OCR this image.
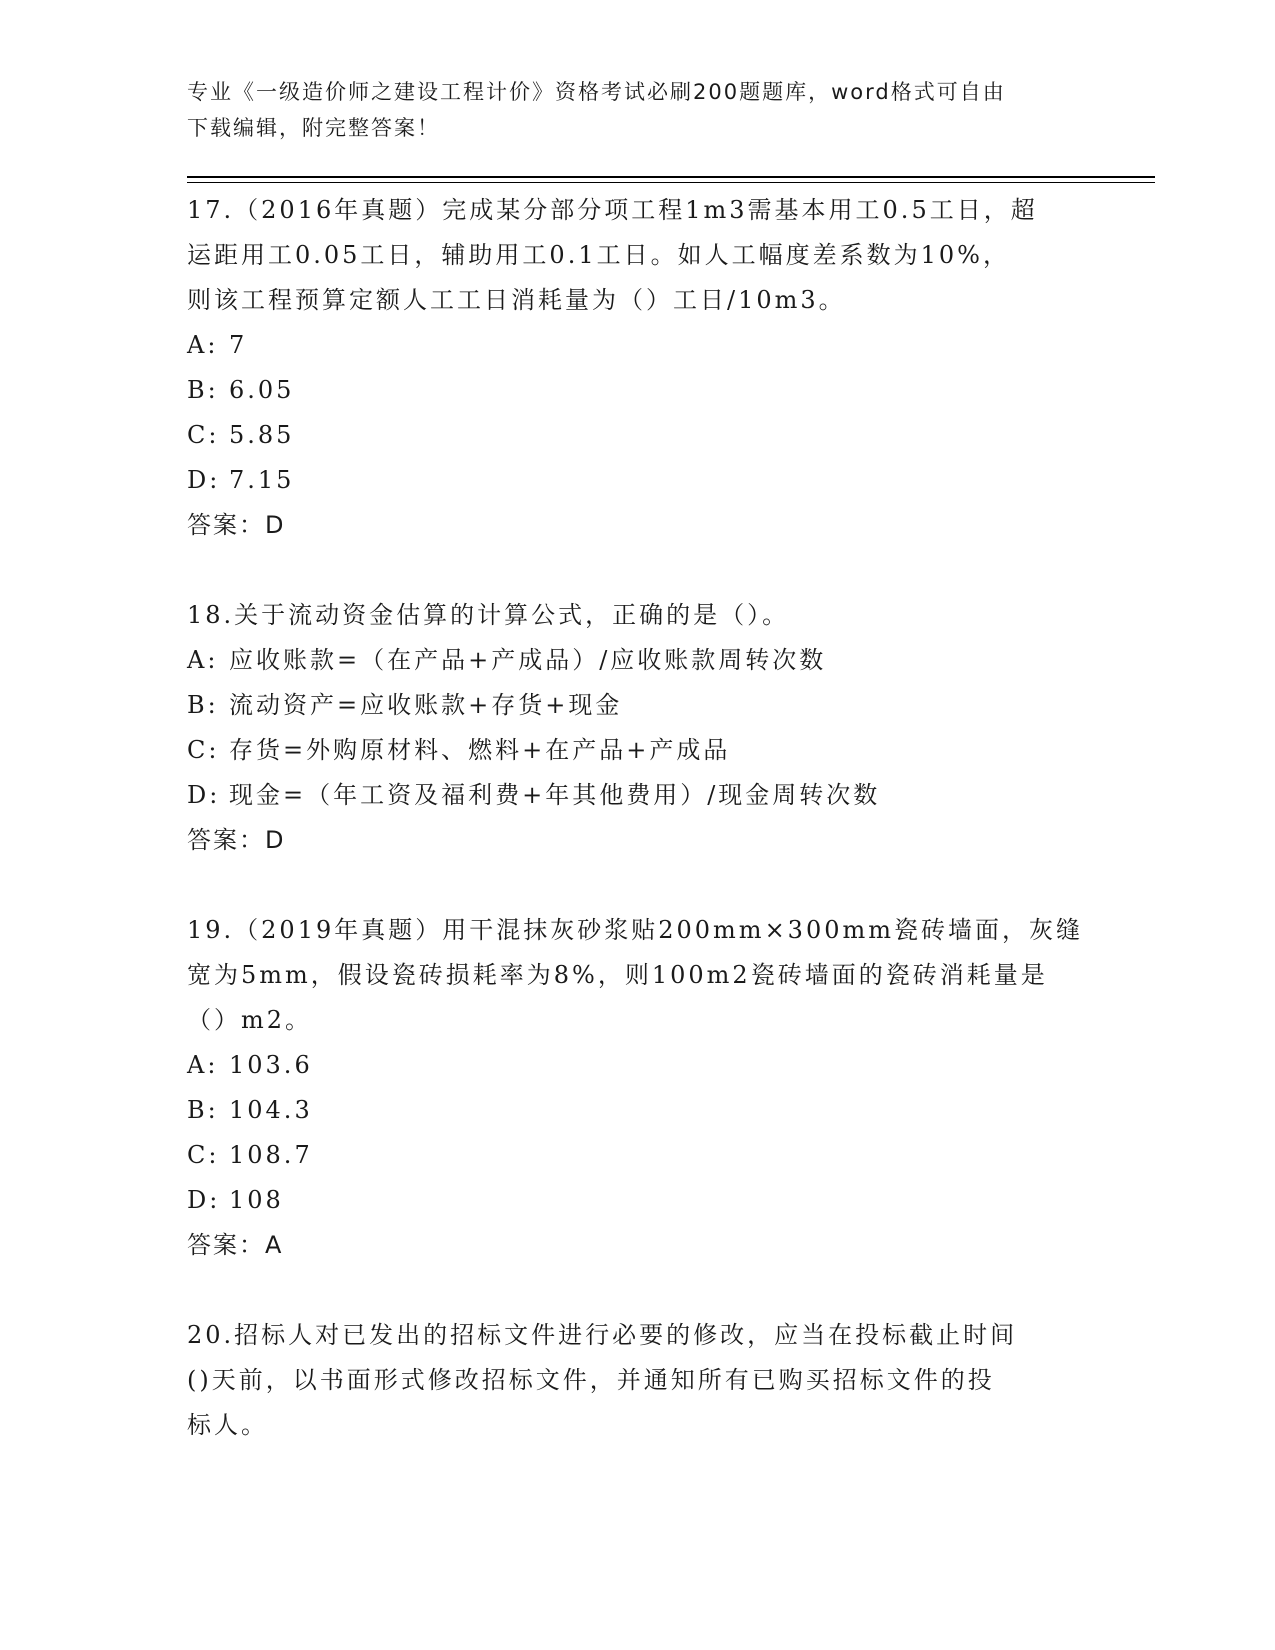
专业《一级造价师之建设工程计价》资格考试必刷200题题库，word格式可自由
下载编辑，附完整答案！

17.（2016年真题）完成某分部分项工程1m3需基本用工0.5工日，超

运距用工0.05工日，辅助用工0.1工日。如人工幅度差系数为10%，

则该工程预算定额人工工日消耗量为（）工日/10m3。

A: 7

B: 6.05

C: 5.85

D: 7.15

答案：D

18.关于流动资金估算的计算公式，正确的是（）。

A: 应收账款=（在产品+产成品）/应收账款周转次数

B: 流动资产=应收账款+存货+现金

C: 存货=外购原材料、燃料+在产品+产成品

D: 现金=（年工资及福利费+年其他费用）/现金周转次数

答案：D

19.（2019年真题）用干混抹灰砂浆贴200mm×300mm瓷砖墙面，灰缝

宽为5mm，假设瓷砖损耗率为8%，则100m2瓷砖墙面的瓷砖消耗量是

（）m2。

A: 103.6

B: 104.3

C: 108.7

D: 108

答案：A

20.招标人对已发出的招标文件进行必要的修改，应当在投标截止时间

()天前，以书面形式修改招标文件，并通知所有已购买招标文件的投

标人。
